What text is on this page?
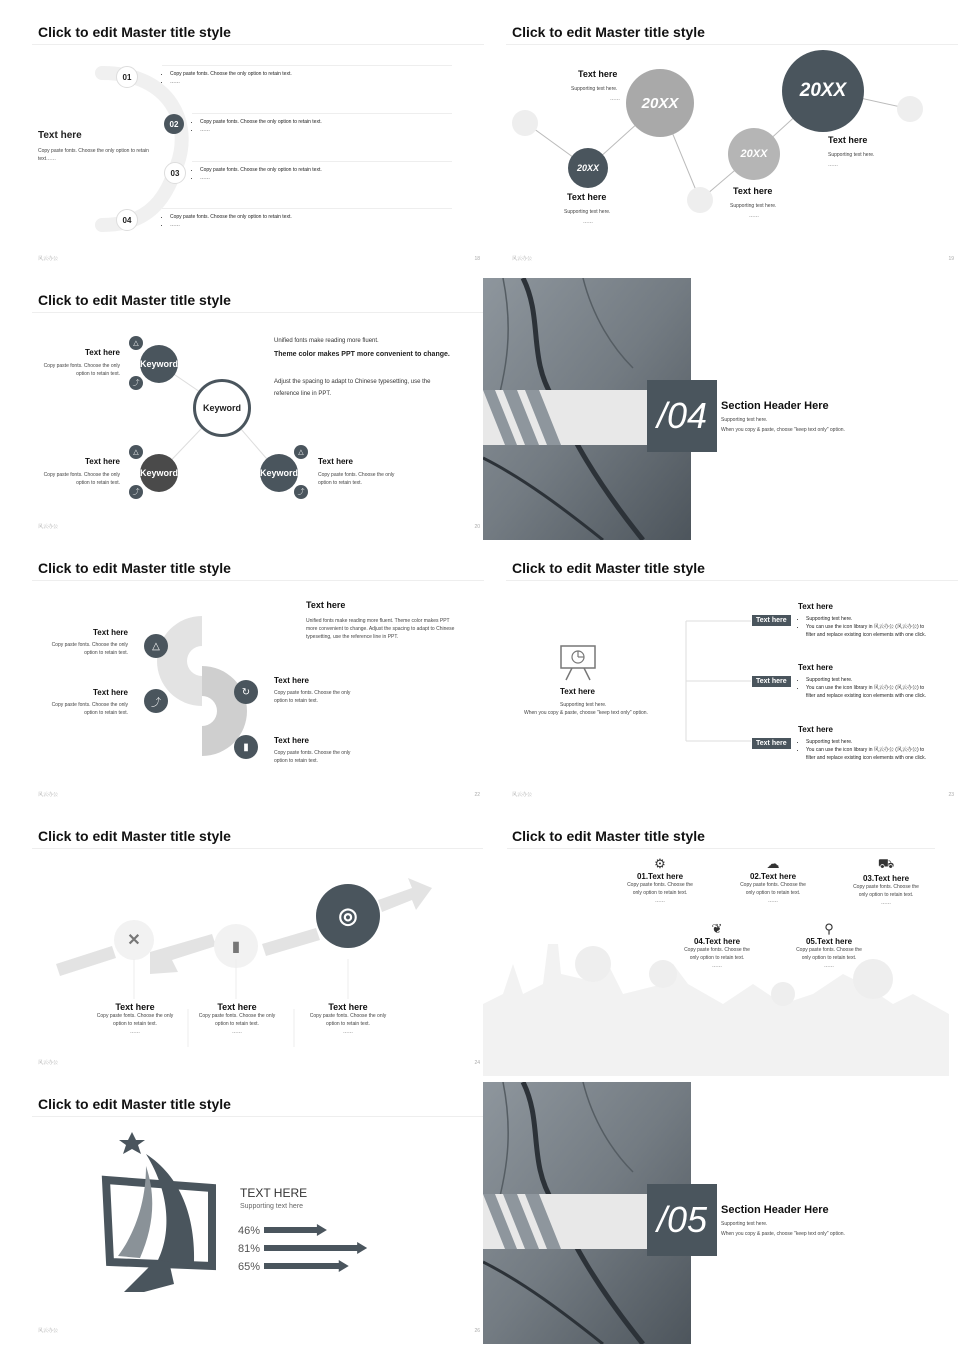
Click to edit Master title style
Text here
Copy paste fonts. Choose the only option to retain text……
01
02
03
04
• Copy paste fonts. Choose the only option to retain text.
• ……
• Copy paste fonts. Choose the only option to retain text.
• ……
• Copy paste fonts. Choose the only option to retain text.
• ……
• Copy paste fonts. Choose the only option to retain text.
• ……
风云办公	18
Click to edit Master title style
20XX
20XX
20XX
20XX
Text here
Supporting text here.
……
Text here
Supporting text here.
……
Text here
Supporting text here.
……
Text here
Supporting text here.
……
风云办公	19
Click to edit Master title style
Keyword
Keyword	Keyword
Keyword
△
⤴
△
⤴
△
⤴
Text here
Copy paste fonts. Choose the only option to retain text.
Text here
Copy paste fonts. Choose the only option to retain text.
Text here
Copy paste fonts. Choose the only option to retain text.
Unified fonts make reading more fluent.
Theme color makes PPT more convenient to change.
Adjust the spacing to adapt to Chinese typesetting, use the reference line in PPT.
风云办公	20
/04 Section Header Here
Supporting text here.
When you copy & paste, choose "keep text only" option.
Click to edit Master title style
△
⤴
↻
▮
Text here
Unified fonts make reading more fluent. Theme color makes PPT more convenient to change. Adjust the spacing to adapt to Chinese typesetting, use the reference line in PPT.
Text here
Copy paste fonts. Choose the only option to retain text.
Text here
Copy paste fonts. Choose the only option to retain text.
Text here
Copy paste fonts. Choose the only option to retain text.
Text here
Copy paste fonts. Choose the only option to retain text.
风云办公	22
Click to edit Master title style
Text here
Supporting text here.
When you copy & paste, choose "keep text only" option.
Text here
Text here
• Supporting text here.
• You can use the icon library in 风云办公 (风云办公) to filter and replace existing icon elements with one click.
Text here
Text here
• Supporting text here.
• You can use the icon library in 风云办公 (风云办公) to filter and replace existing icon elements with one click.
Text here
Text here
• Supporting text here.
• You can use the icon library in 风云办公 (风云办公) to filter and replace existing icon elements with one click.
风云办公	23
Click to edit Master title style
✕	▮
◎
Text here
Copy paste fonts. Choose the only option to retain text.
……
Text here
Copy paste fonts. Choose the only option to retain text.
……
Text here
Copy paste fonts. Choose the only option to retain text.
……
风云办公	24
Click to edit Master title style
⚙
01.Text here
Copy paste fonts. Choose the only option to retain text.
……
☁
02.Text here
Copy paste fonts. Choose the only option to retain text.
……
⛟
03.Text here
Copy paste fonts. Choose the only option to retain text.
……
❦
04.Text here
Copy paste fonts. Choose the only option to retain text.
……
⚲
05.Text here
Copy paste fonts. Choose the only option to retain text.
……
Click to edit Master title style
TEXT HERE
Supporting text here
46%
81%
65%
风云办公	26
/05 Section Header Here
Supporting text here.
When you copy & paste, choose "keep text only" option.
